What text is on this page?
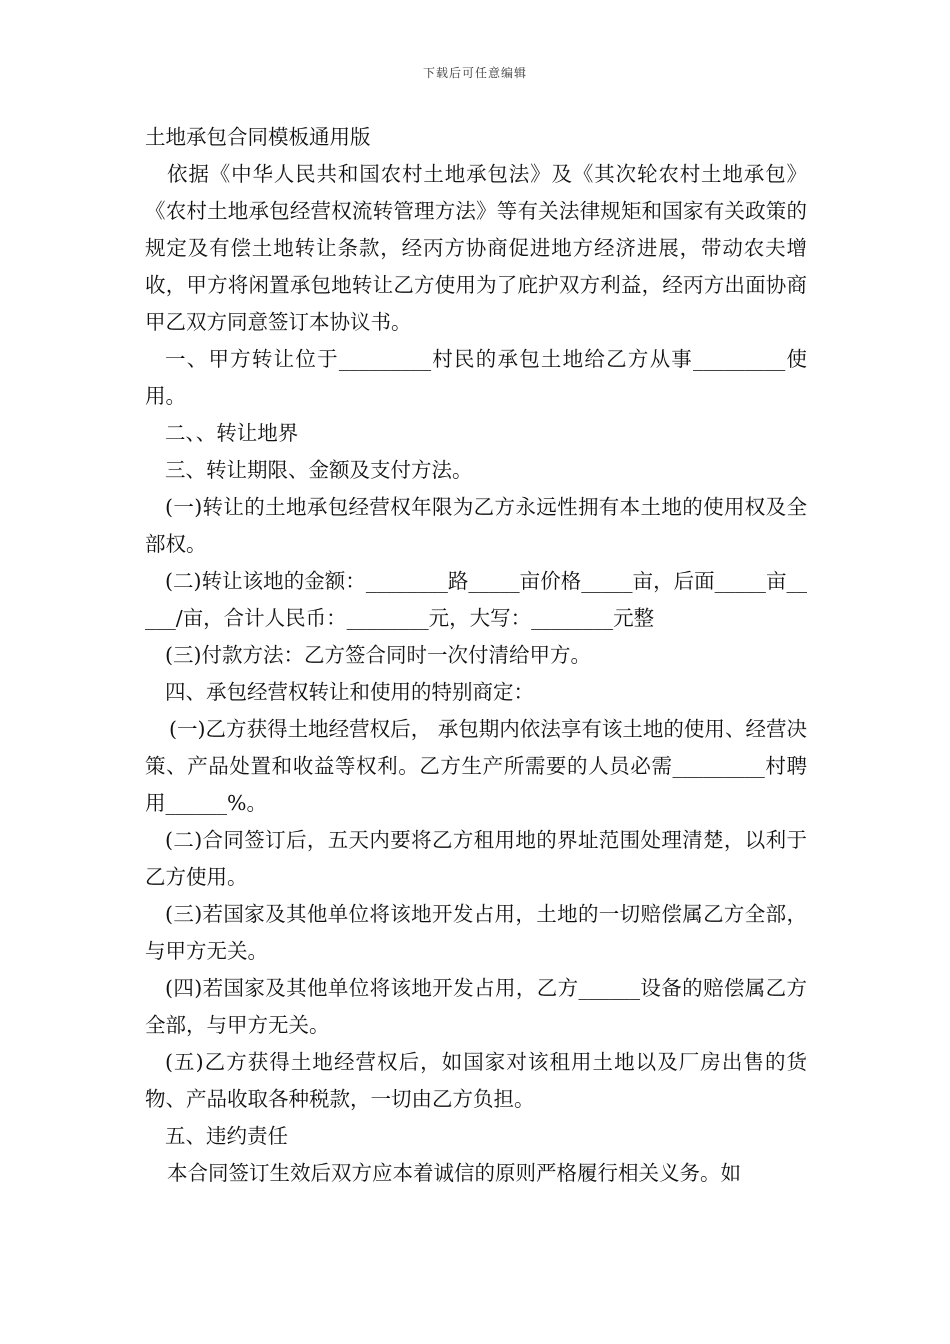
下载后可任意编辑

土地承包合同模板通用版

依据《中华人民共和国农村土地承包法》及《其次轮农村土地承包》《农村土地承包经营权流转管理方法》等有关法律规矩和国家有关政策的规定及有偿土地转让条款，经丙方协商促进地方经济进展，带动农夫增收，甲方将闲置承包地转让乙方使用为了庇护双方利益，经丙方出面协商甲乙双方同意签订本协议书。

一、甲方转让位于_________村民的承包土地给乙方从事_________使用。

二、、转让地界

三、转让期限、金额及支付方法。

(一)转让的土地承包经营权年限为乙方永远性拥有本土地的使用权及全部权。

(二)转让该地的金额：________路_____亩价格_____亩，后面_____亩_____/亩，合计人民币：________元，大写：________元整

(三)付款方法：乙方签合同时一次付清给甲方。

四、承包经营权转让和使用的特别商定：

(一)乙方获得土地经营权后， 承包期内依法享有该土地的使用、经营决策、产品处置和收益等权利。乙方生产所需要的人员必需_________村聘用______%。

(二)合同签订后，五天内要将乙方租用地的界址范围处理清楚，以利于乙方使用。

(三)若国家及其他单位将该地开发占用，土地的一切赔偿属乙方全部，与甲方无关。

(四)若国家及其他单位将该地开发占用，乙方______设备的赔偿属乙方全部，与甲方无关。

(五)乙方获得土地经营权后，如国家对该租用土地以及厂房出售的货物、产品收取各种税款，一切由乙方负担。

五、违约责任

本合同签订生效后双方应本着诚信的原则严格履行相关义务。如
